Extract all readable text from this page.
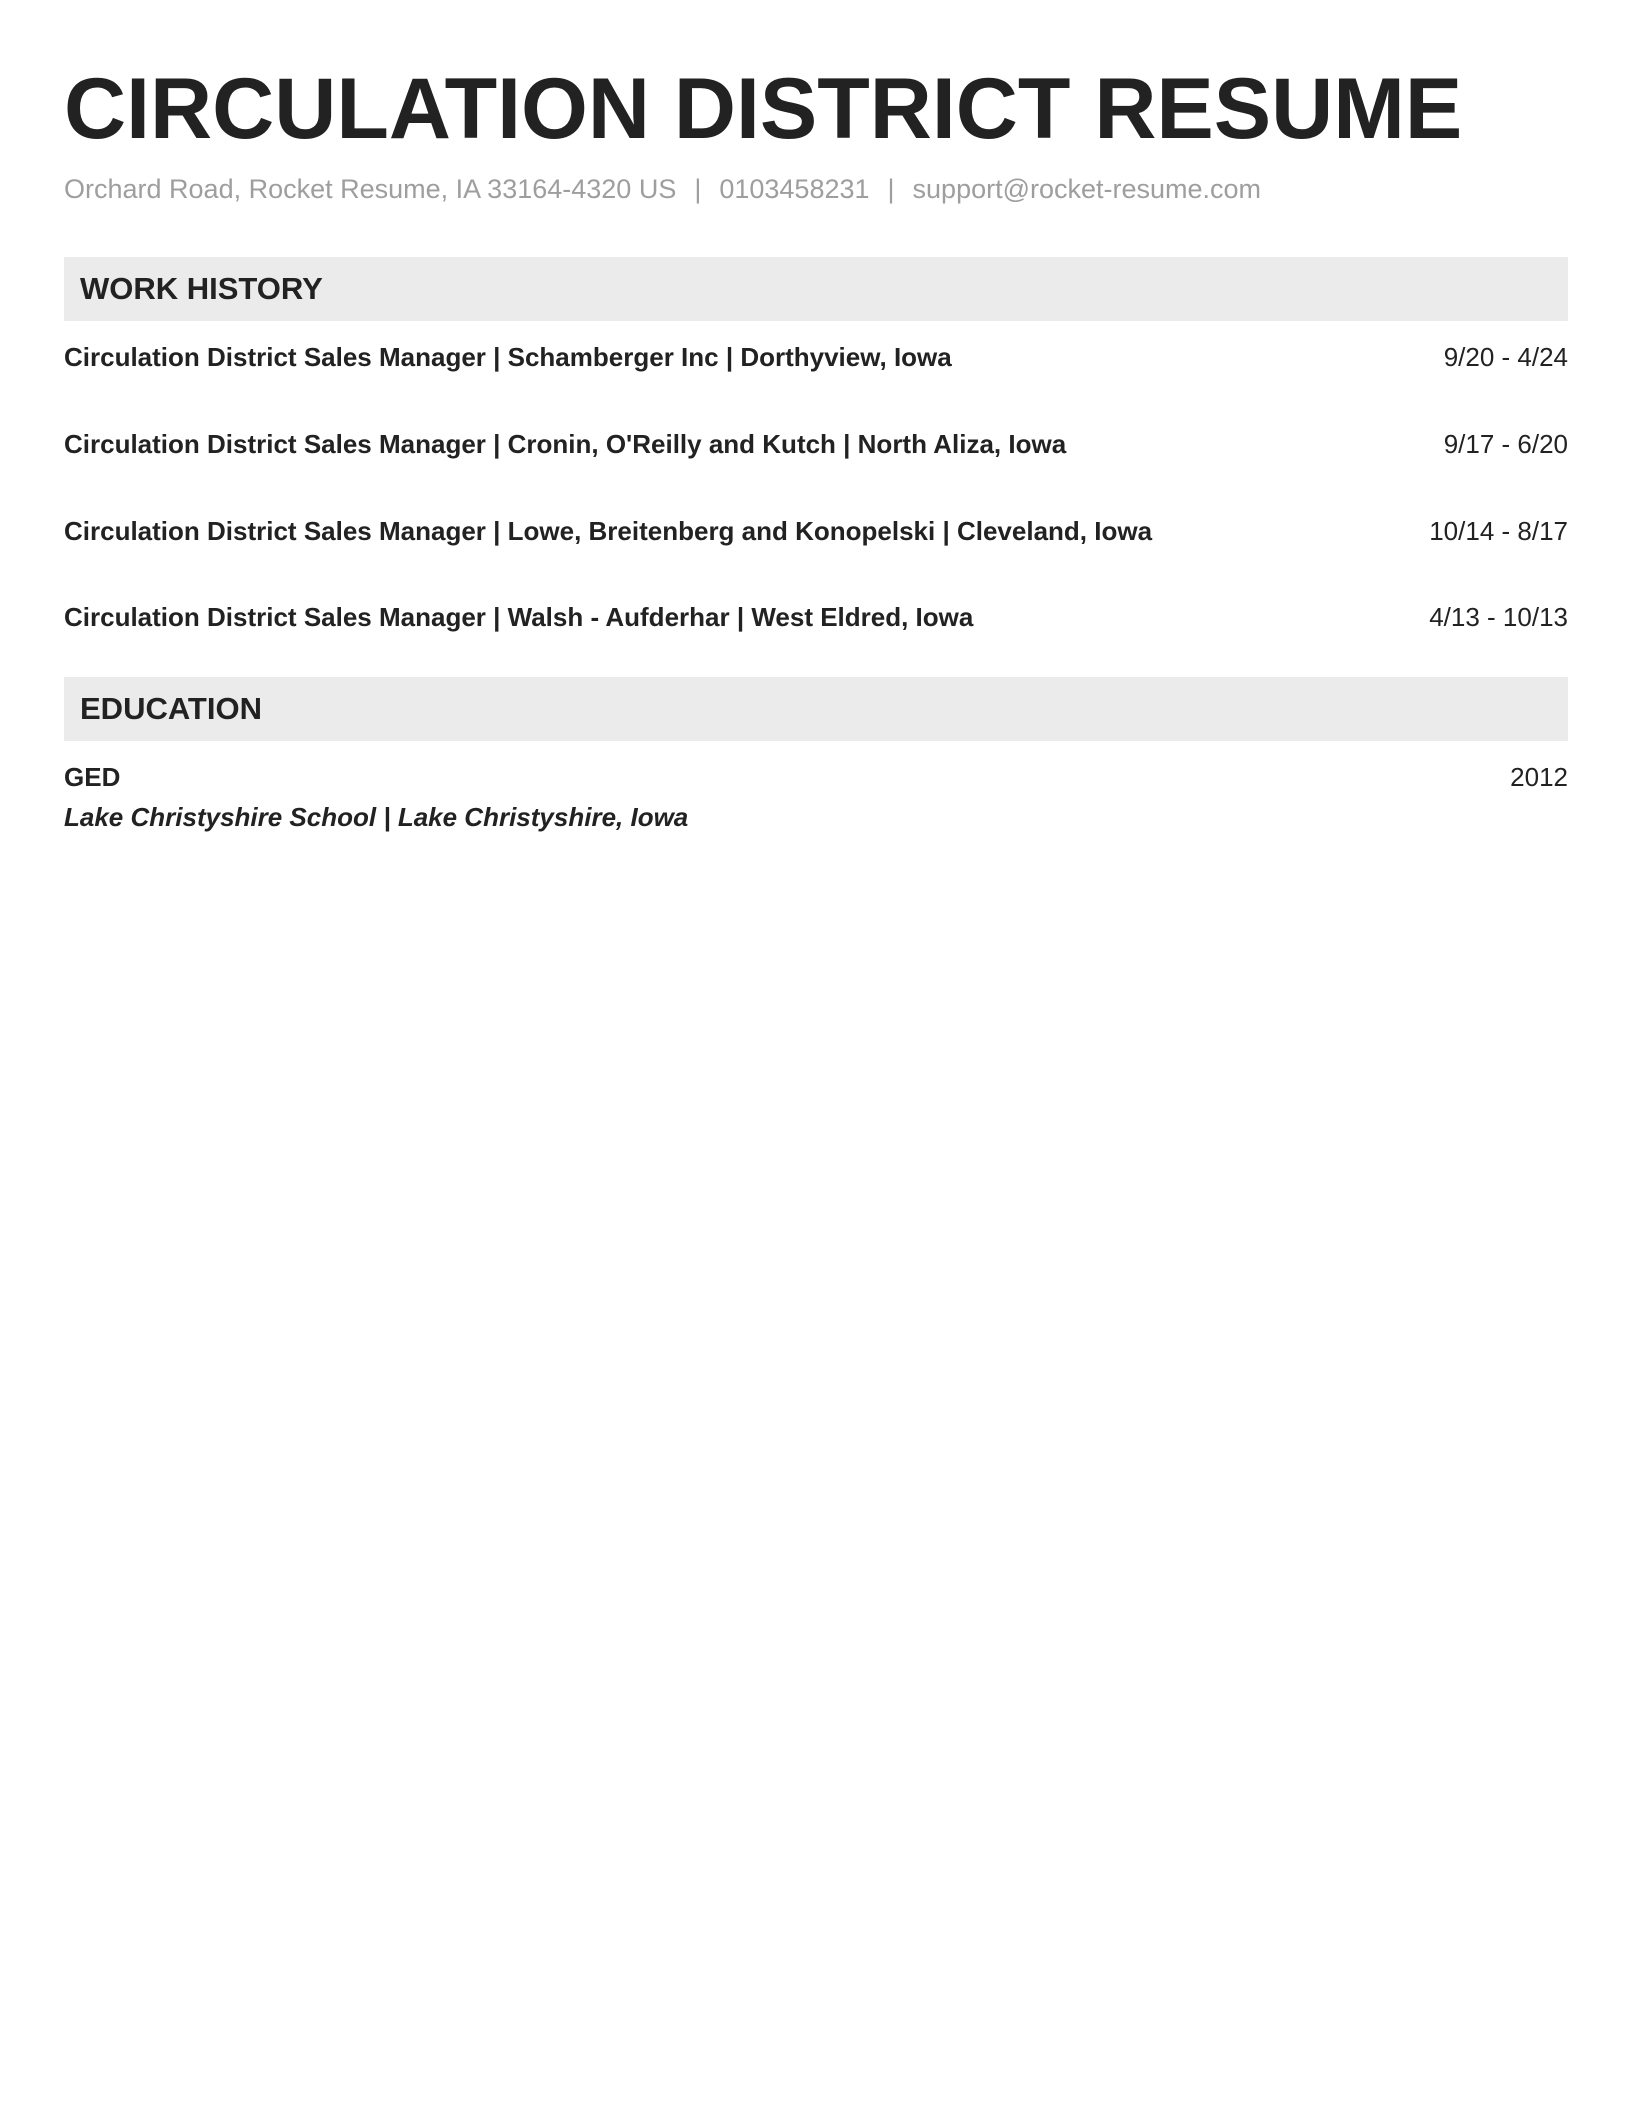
CIRCULATION DISTRICT RESUME
Orchard Road, Rocket Resume, IA 33164-4320 US | 0103458231 | support@rocket-resume.com
WORK HISTORY
Circulation District Sales Manager | Schamberger Inc | Dorthyview, Iowa	9/20 - 4/24
Circulation District Sales Manager | Cronin, O'Reilly and Kutch | North Aliza, Iowa	9/17 - 6/20
Circulation District Sales Manager | Lowe, Breitenberg and Konopelski | Cleveland, Iowa	10/14 - 8/17
Circulation District Sales Manager | Walsh - Aufderhar | West Eldred, Iowa	4/13 - 10/13
EDUCATION
GED	2012
Lake Christyshire School | Lake Christyshire, Iowa
